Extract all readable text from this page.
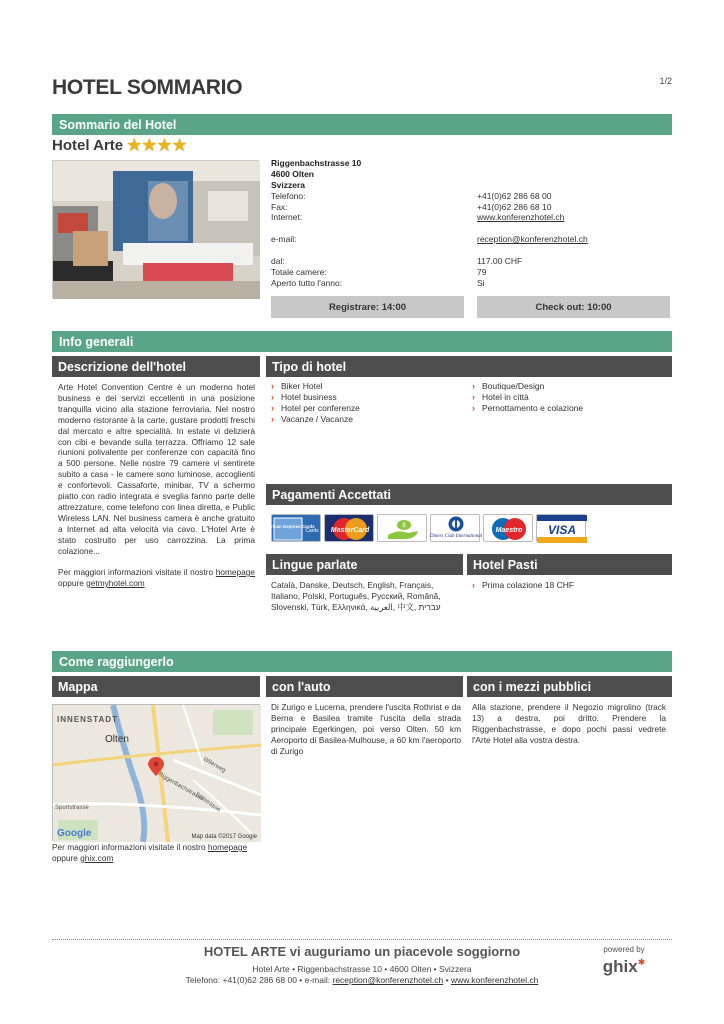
HOTEL SOMMARIO	1/2
Sommario del Hotel
Hotel Arte ★ ★ ★ ★
Riggenbachstrasse 10
4600 Olten
Svizzera
Telefono:	+41(0)62 286 68 00
Fax:	+41(0)62 286 68 10
Internet:	www.konferenzhotel.ch
e-mail:	reception@konferenzhotel.ch
dal:	117.00 CHF
Totale camere:	79
Aperto tutto l'anno:	Si
Registrare: 14:00	Check out: 10:00
Info generali
Descrizione dell'hotel
Arte Hotel Convention Centre è un moderno hotel business e dei servizi eccellenti in una posizione tranquilla vicino alla stazione ferroviaria. Nel nostro moderno ristorante à la carte, gustare prodotti freschi dal mercato e altre specialità. In estate vi delizierà con cibi e bevande sulla terrazza. Offriamo 12 sale riunioni polivalente per conferenze con capacità fino a 500 persone. Nelle nostre 79 camere vi sentirete subito a casa - le camere sono luminose, accoglienti e confortevoli. Cassaforte, minibar, TV a schermo piatto con radio integrata e sveglia fanno parte delle attrezzature, come telefono con linea diretta, e Public Wireless LAN. Nel business camera è anche gratuito a Internet ad alta velocità via cavo. L'Hotel Arte è stato costruito per uso carrozzina. La prima colazione...
Per maggiori informazioni visitate il nostro homepage oppure getmyhotel.com
Tipo di hotel
› Biker Hotel
› Hotel business
› Hotel per conferenze
› Vacanze / Vacanze
› Boutique/Design
› Hotel in città
› Pernottamento e colazione
Pagamenti Accettati
American Express Cards
Cards MasterCard
$
Diners Club International
Maestro VISA
Lingue parlate
Català, Danske, Deutsch, English, Français, Italiano, Polski, Português, Русский, Română, Slovenski, Türk, Ελληνικά, العربية, 中文, עברית
Hotel Pasti
› Prima colazione 18 CHF
Come raggiungerlo
Mappa	con l'auto	con i mezzi pubblici
INNENSTADT
Olten
Riggenbachstrasse
Sälistrasse
Sportstrasse
Wilerweg
Google	Map data ©2017 Google
Per maggiori informazioni visitate il nostro homepage
oppure ghix.com
Di Zurigo e Lucerna, prendere l'uscita Rothrist e da Berna e Basilea tramite l'uscita della strada principale Egerkingen, poi verso Olten. 50 km Aeroporto di Basilea-Mulhouse, a 60 km l'aeroporto di Zurigo
Alla stazione, prendere il Negozio migrolino (track 13) a destra, poi dritto. Prendere la Riggenbachstrasse, e dopo pochi passi vedrete l'Arte Hotel alla vostra destra.
HOTEL ARTE vi auguriamo un piacevole soggiorno
Hotel Arte • Riggenbachstrasse 10 • 4600 Olten • Svizzera
Telefono: +41(0)62 286 68 00 • e-mail: reception@konferenzhotel.ch • www.konferenzhotel.ch
powered by
ghix✱
